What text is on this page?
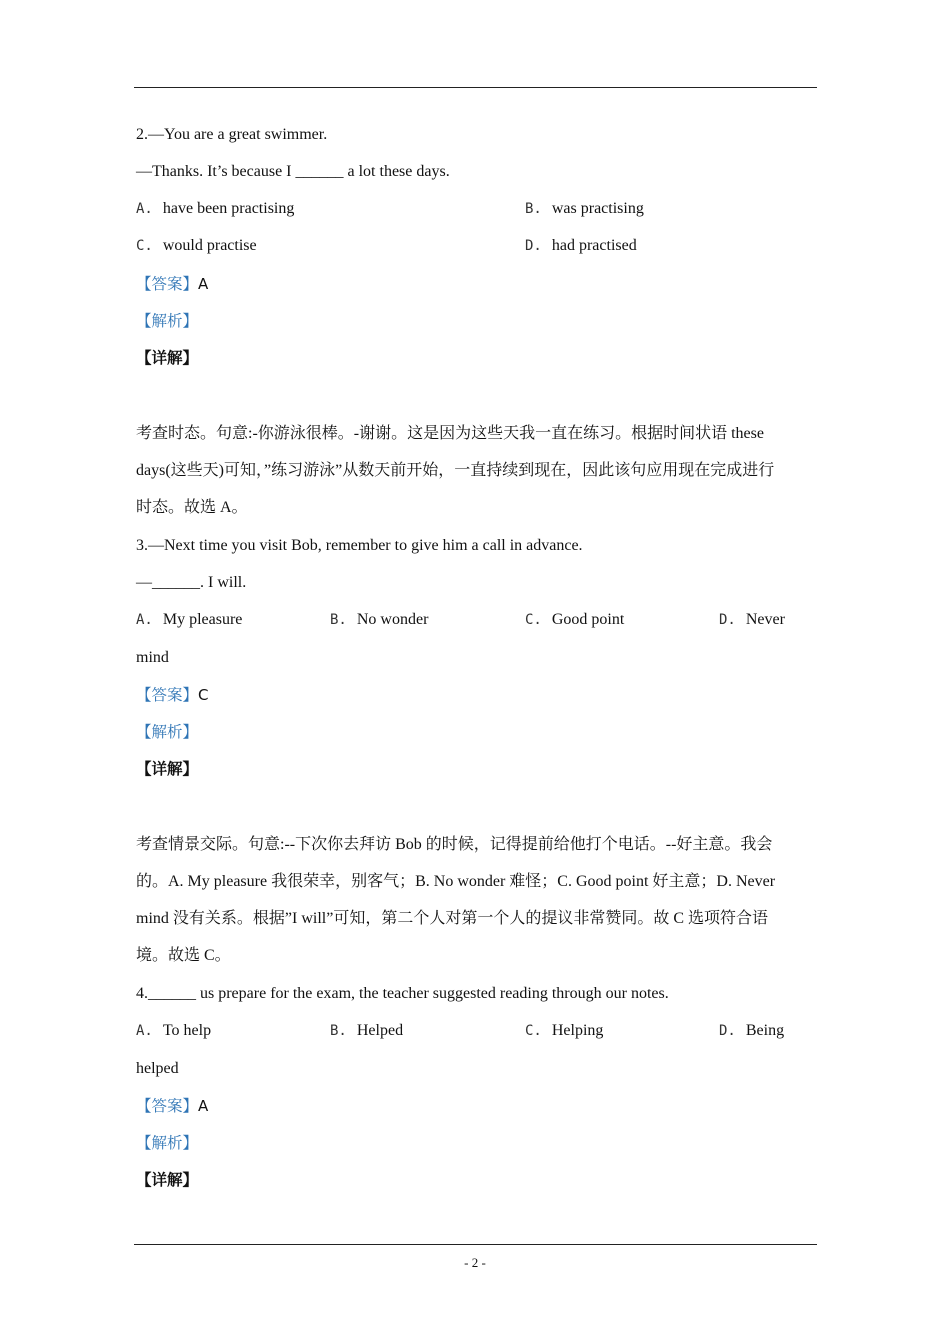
2.—You are a great swimmer.
—Thanks. It’s because I ______ a lot these days.
A. have been practising	B. was practising
C. would practise	D. had practised
【答案】A
【解析】
【详解】
考查时态。句意:-你游泳很棒。-谢谢。这是因为这些天我一直在练习。根据时间状语 these
days(这些天)可知，”练习游泳”从数天前开始，一直持续到现在，因此该句应用现在完成进行
时态。故选 A。
3.—Next time you visit Bob, remember to give him a call in advance.
—______. I will.
A. My pleasure	B. No wonder	C. Good point	D. Never
mind
【答案】C
【解析】
【详解】
考查情景交际。句意:--下次你去拜访 Bob 的时候，记得提前给他打个电话。--好主意。我会
的。A. My pleasure 我很荣幸，别客气；B. No wonder 难怪；C. Good point 好主意；D. Never
mind 没有关系。根据”I will”可知，第二个人对第一个人的提议非常赞同。故 C 选项符合语
境。故选 C。
4.______ us prepare for the exam, the teacher suggested reading through our notes.
A. To help	B. Helped	C. Helping	D. Being
helped
【答案】A
【解析】
【详解】
- 2 -
